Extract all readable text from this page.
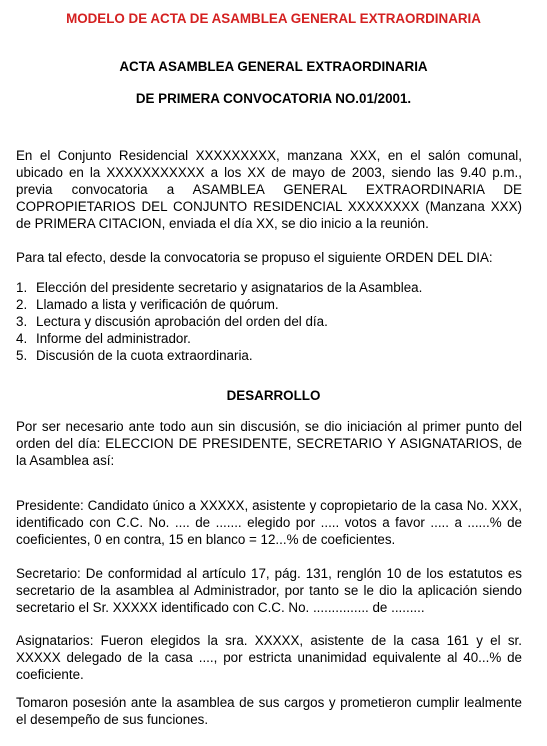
MODELO DE ACTA DE ASAMBLEA GENERAL EXTRAORDINARIA
ACTA ASAMBLEA GENERAL EXTRAORDINARIA
DE PRIMERA CONVOCATORIA NO.01/2001.

En el Conjunto Residencial XXXXXXXXX, manzana XXX, en el salón comunal, ubicado en la XXXXXXXXXXX a los XX de mayo de 2003, siendo las 9.40 p.m., previa convocatoria a ASAMBLEA GENERAL EXTRAORDINARIA DE COPROPIETARIOS DEL CONJUNTO RESIDENCIAL XXXXXXXX (Manzana XXX) de PRIMERA CITACION, enviada el día XX, se dio inicio a la reunión.

Para tal efecto, desde la convocatoria se propuso el siguiente ORDEN DEL DIA:

1. Elección del presidente secretario y asignatarios de la Asamblea.
2. Llamado a lista y verificación de quórum.
3. Lectura y discusión aprobación del orden del día.
4. Informe del administrador.
5. Discusión de la cuota extraordinaria.
DESARROLLO

Por ser necesario ante todo aun sin discusión, se dio iniciación al primer punto del orden del día: ELECCION DE PRESIDENTE, SECRETARIO Y ASIGNATARIOS, de la Asamblea así:

Presidente: Candidato único a XXXXX, asistente y copropietario de la casa No. XXX, identificado con C.C. No. .... de ....... elegido por ..... votos a favor ..... a ......% de coeficientes, 0 en contra, 15 en blanco = 12...% de coeficientes.

Secretario: De conformidad al artículo 17, pág. 131, renglón 10 de los estatutos es secretario de la asamblea al Administrador, por tanto se le dio la aplicación siendo secretario el Sr. XXXXX identificado con C.C. No. ............... de .........

Asignatarios: Fueron elegidos la sra. XXXXX, asistente de la casa 161 y el sr. XXXXX delegado de la casa ...., por estricta unanimidad equivalente al 40...% de coeficiente.

Tomaron posesión ante la asamblea de sus cargos y prometieron cumplir lealmente el desempeño de sus funciones.
